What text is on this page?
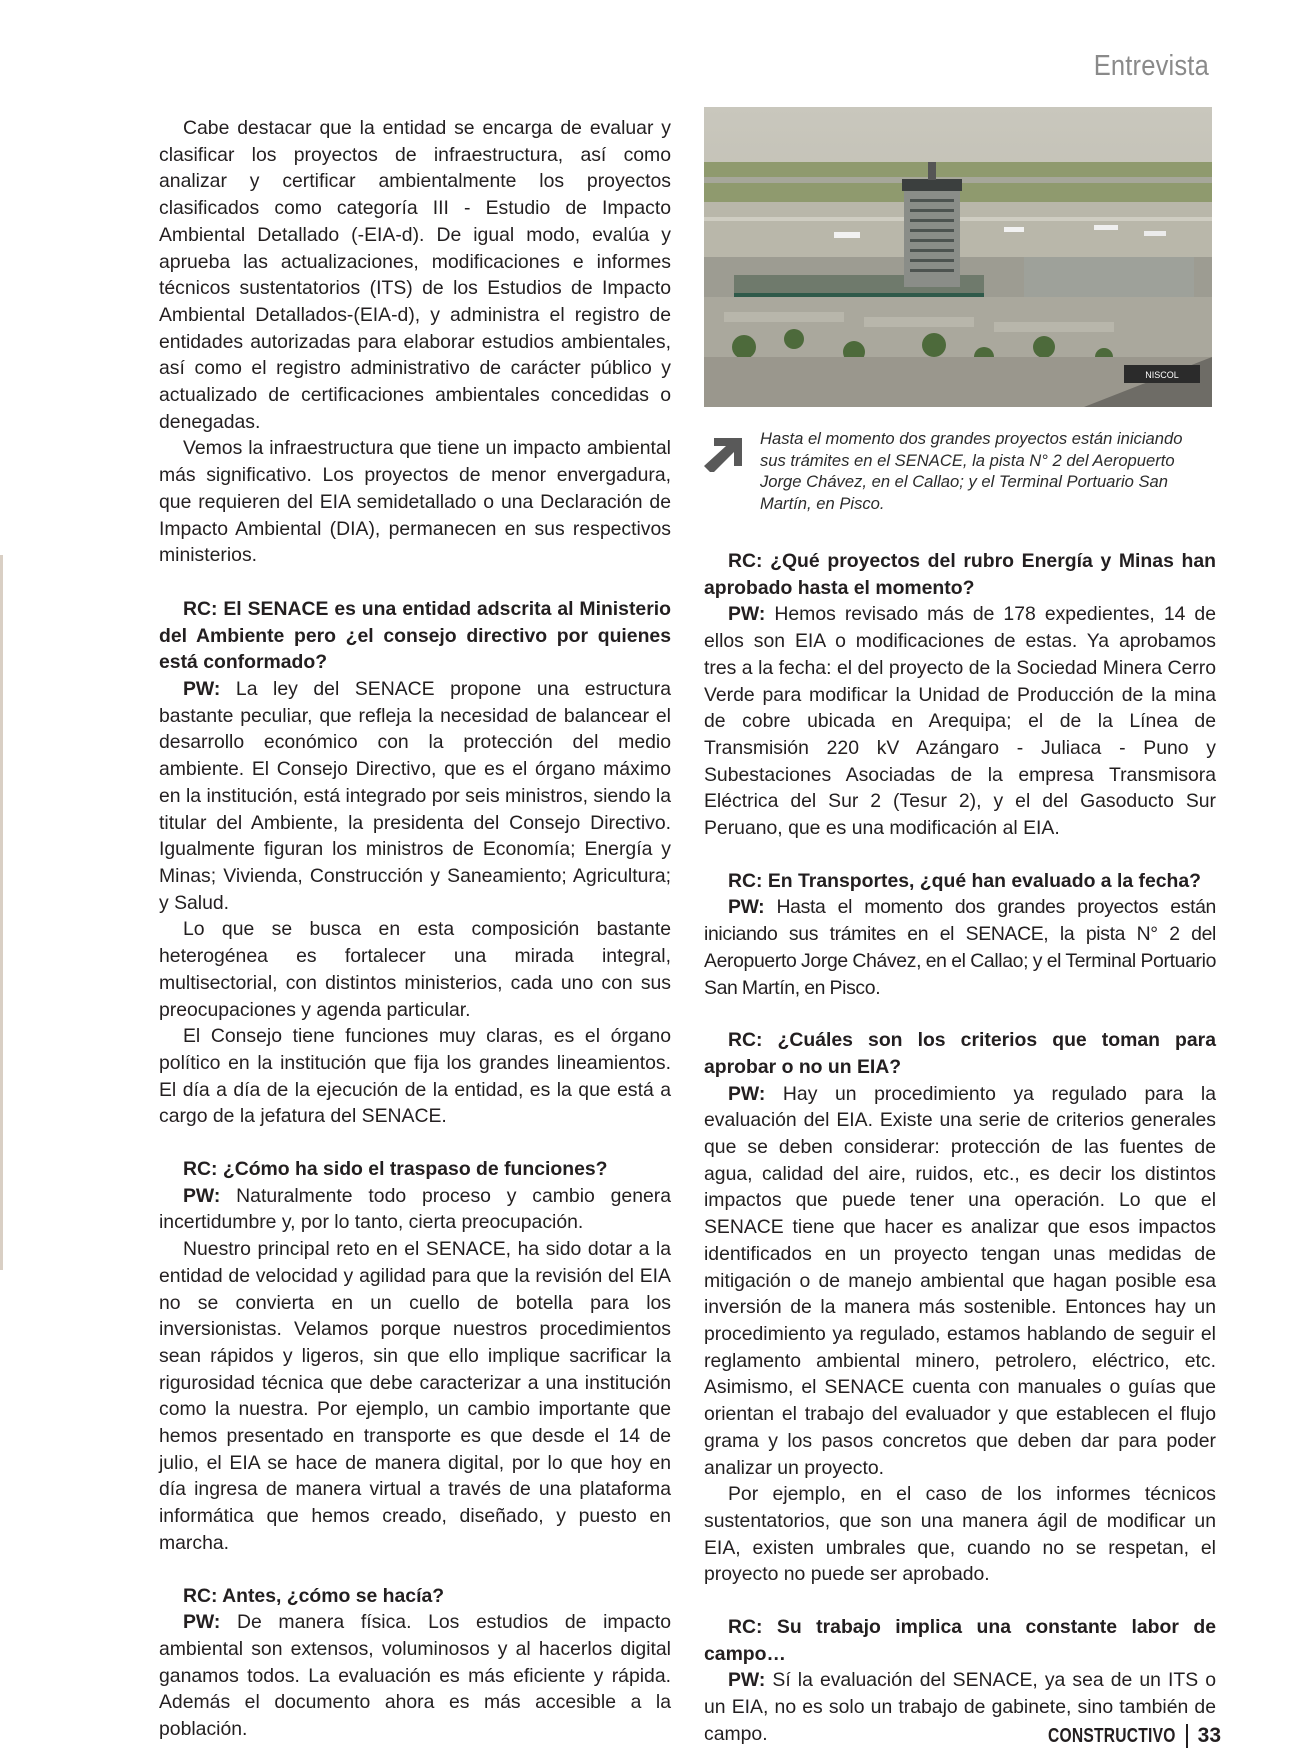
Entrevista

Cabe destacar que la entidad se encarga de evaluar y clasificar los proyectos de infraestructura, así como analizar y certificar ambientalmente los proyectos clasificados como categoría III - Estudio de Impacto Ambiental Detallado (-EIA-d). De igual modo, evalúa y aprueba las actualizaciones, modificaciones e informes técnicos sustentatorios (ITS) de los Estudios de Impacto Ambiental Detallados-(EIA-d), y administra el registro de entidades autorizadas para elaborar estudios ambientales, así como el registro administrativo de carácter público y actualizado de certificaciones ambientales concedidas o denegadas.

Vemos la infraestructura que tiene un impacto ambiental más significativo. Los proyectos de menor envergadura, que requieren del EIA semidetallado o una Declaración de Impacto Ambiental (DIA), permanecen en sus respectivos ministerios.

RC: El SENACE es una entidad adscrita al Ministerio del Ambiente pero ¿el consejo directivo por quienes está conformado?

PW: La ley del SENACE propone una estructura bastante peculiar, que refleja la necesidad de balancear el desarrollo económico con la protección del medio ambiente. El Consejo Directivo, que es el órgano máximo en la institución, está integrado por seis ministros, siendo la titular del Ambiente, la presidenta del Consejo Directivo. Igualmente figuran los ministros de Economía; Energía y Minas; Vivienda, Construcción y Saneamiento; Agricultura; y Salud.

Lo que se busca en esta composición bastante heterogénea es fortalecer una mirada integral, multisectorial, con distintos ministerios, cada uno con sus preocupaciones y agenda particular.

El Consejo tiene funciones muy claras, es el órgano político en la institución que fija los grandes lineamientos. El día a día de la ejecución de la entidad, es la que está a cargo de la jefatura del SENACE.

RC: ¿Cómo ha sido el traspaso de funciones?

PW: Naturalmente todo proceso y cambio genera incertidumbre y, por lo tanto, cierta preocupación.

Nuestro principal reto en el SENACE, ha sido dotar a la entidad de velocidad y agilidad para que la revisión del EIA no se convierta en un cuello de botella para los inversionistas. Velamos porque nuestros procedimientos sean rápidos y ligeros, sin que ello implique sacrificar la rigurosidad técnica que debe caracterizar a una institución como la nuestra. Por ejemplo, un cambio importante que hemos presentado en transporte es que desde el 14 de julio, el EIA se hace de manera digital, por lo que hoy en día ingresa de manera virtual a través de una plataforma informática que hemos creado, diseñado, y puesto en marcha.

RC: Antes, ¿cómo se hacía?

PW: De manera física. Los estudios de impacto ambiental son extensos, voluminosos y al hacerlos digital ganamos todos. La evaluación es más eficiente y rápida. Además el documento ahora es más accesible a la población.

NISCOL
Hasta el momento dos grandes proyectos están iniciando sus trámites en el SENACE, la pista N° 2 del Aeropuerto Jorge Chávez, en el Callao; y el Terminal Portuario San Martín, en Pisco.

RC: ¿Qué proyectos del rubro Energía y Minas han aprobado hasta el momento?

PW: Hemos revisado más de 178 expedientes, 14 de ellos son EIA o modificaciones de estas. Ya aprobamos tres a la fecha: el del proyecto de la Sociedad Minera Cerro Verde para modificar la Unidad de Producción de la mina de cobre ubicada en Arequipa; el de la Línea de Transmisión 220 kV Azángaro - Juliaca - Puno y Subestaciones Asociadas de la empresa Transmisora Eléctrica del Sur 2 (Tesur 2), y el del Gasoducto Sur Peruano, que es una modificación al EIA.

RC: En Transportes, ¿qué han evaluado a la fecha?

PW: Hasta el momento dos grandes proyectos están iniciando sus trámites en el SENACE, la pista N° 2 del Aeropuerto Jorge Chávez, en el Callao; y el Terminal Portuario San Martín, en Pisco.

RC: ¿Cuáles son los criterios que toman para aprobar o no un EIA?

PW: Hay un procedimiento ya regulado para la evaluación del EIA. Existe una serie de criterios generales que se deben considerar: protección de las fuentes de agua, calidad del aire, ruidos, etc., es decir los distintos impactos que puede tener una operación. Lo que el SENACE tiene que hacer es analizar que esos impactos identificados en un proyecto tengan unas medidas de mitigación o de manejo ambiental que hagan posible esa inversión de la manera más sostenible. Entonces hay un procedimiento ya regulado, estamos hablando de seguir el reglamento ambiental minero, petrolero, eléctrico, etc. Asimismo, el SENACE cuenta con manuales o guías que orientan el trabajo del evaluador y que establecen el flujo grama y los pasos concretos que deben dar para poder analizar un proyecto.

Por ejemplo, en el caso de los informes técnicos sustentatorios, que son una manera ágil de modificar un EIA, existen umbrales que, cuando no se respetan, el proyecto no puede ser aprobado.

RC: Su trabajo implica una constante labor de campo…

PW: Sí la evaluación del SENACE, ya sea de un ITS o un EIA, no es solo un trabajo de gabinete, sino también de campo.	CONSTRUCTIVO 33
